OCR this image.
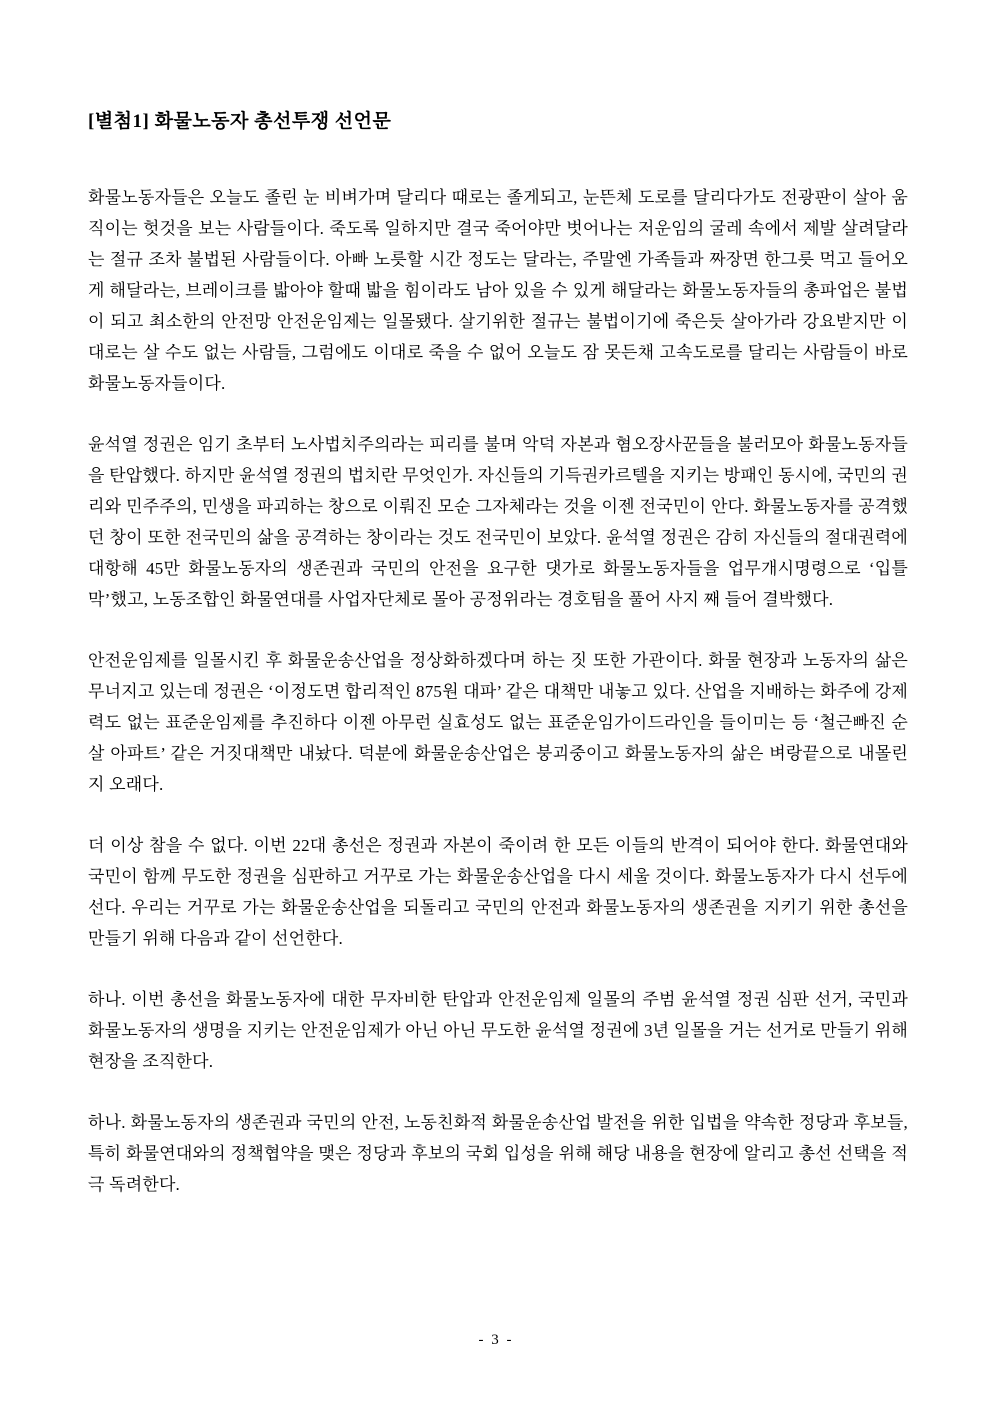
[별첨1] 화물노동자 총선투쟁 선언문

화물노동자들은 오늘도 졸린 눈 비벼가며 달리다 때로는 졸게되고, 눈뜬체 도로를 달리다가도 전광판이 살아 움직이는 헛것을 보는 사람들이다. 죽도록 일하지만 결국 죽어야만 벗어나는 저운임의 굴레 속에서 제발 살려달라는 절규 조차 불법된 사람들이다. 아빠 노릇할 시간 정도는 달라는, 주말엔 가족들과 짜장면 한그릇 먹고 들어오게 해달라는, 브레이크를 밟아야 할때 밟을 힘이라도 남아 있을 수 있게 해달라는 화물노동자들의 총파업은 불법이 되고 최소한의 안전망 안전운임제는 일몰됐다. 살기위한 절규는 불법이기에 죽은듯 살아가라 강요받지만 이대로는 살 수도 없는 사람들, 그럼에도 이대로 죽을 수 없어 오늘도 잠 못든채 고속도로를 달리는 사람들이 바로 화물노동자들이다.

윤석열 정권은 임기 초부터 노사법치주의라는 피리를 불며 악덕 자본과 혐오장사꾼들을 불러모아 화물노동자들을 탄압했다. 하지만 윤석열 정권의 법치란 무엇인가. 자신들의 기득권카르텔을 지키는 방패인 동시에, 국민의 권리와 민주주의, 민생을 파괴하는 창으로 이뤄진 모순 그자체라는 것을 이젠 전국민이 안다. 화물노동자를 공격했던 창이 또한 전국민의 삶을 공격하는 창이라는 것도 전국민이 보았다. 윤석열 정권은 감히 자신들의 절대권력에 대항해 45만 화물노동자의 생존권과 국민의 안전을 요구한 댓가로 화물노동자들을 업무개시명령으로 ‘입틀막’했고, 노동조합인 화물연대를 사업자단체로 몰아 공정위라는 경호팀을 풀어 사지 째 들어 결박했다.

안전운임제를 일몰시킨 후 화물운송산업을 정상화하겠다며 하는 짓 또한 가관이다. 화물 현장과 노동자의 삶은 무너지고 있는데 정권은 ‘이정도면 합리적인 875원 대파’ 같은 대책만 내놓고 있다. 산업을 지배하는 화주에 강제력도 없는 표준운임제를 추진하다 이젠 아무런 실효성도 없는 표준운임가이드라인을 들이미는 등 ‘철근빠진 순살 아파트’ 같은 거짓대책만 내놨다. 덕분에 화물운송산업은 붕괴중이고 화물노동자의 삶은 벼랑끝으로 내몰린지 오래다.

더 이상 참을 수 없다. 이번 22대 총선은 정권과 자본이 죽이려 한 모든 이들의 반격이 되어야 한다. 화물연대와 국민이 함께 무도한 정권을 심판하고 거꾸로 가는 화물운송산업을 다시 세울 것이다. 화물노동자가 다시 선두에 선다. 우리는 거꾸로 가는 화물운송산업을 되돌리고 국민의 안전과 화물노동자의 생존권을 지키기 위한 총선을 만들기 위해 다음과 같이 선언한다.

하나. 이번 총선을 화물노동자에 대한 무자비한 탄압과 안전운임제 일몰의 주범 윤석열 정권 심판 선거, 국민과 화물노동자의 생명을 지키는 안전운임제가 아닌 아닌 무도한 윤석열 정권에 3년 일몰을 거는 선거로 만들기 위해 현장을 조직한다.

하나. 화물노동자의 생존권과 국민의 안전, 노동친화적 화물운송산업 발전을 위한 입법을 약속한 정당과 후보들, 특히 화물연대와의 정책협약을 맺은 정당과 후보의 국회 입성을 위해 해당 내용을 현장에 알리고 총선 선택을 적극 독려한다.

- 3 -
